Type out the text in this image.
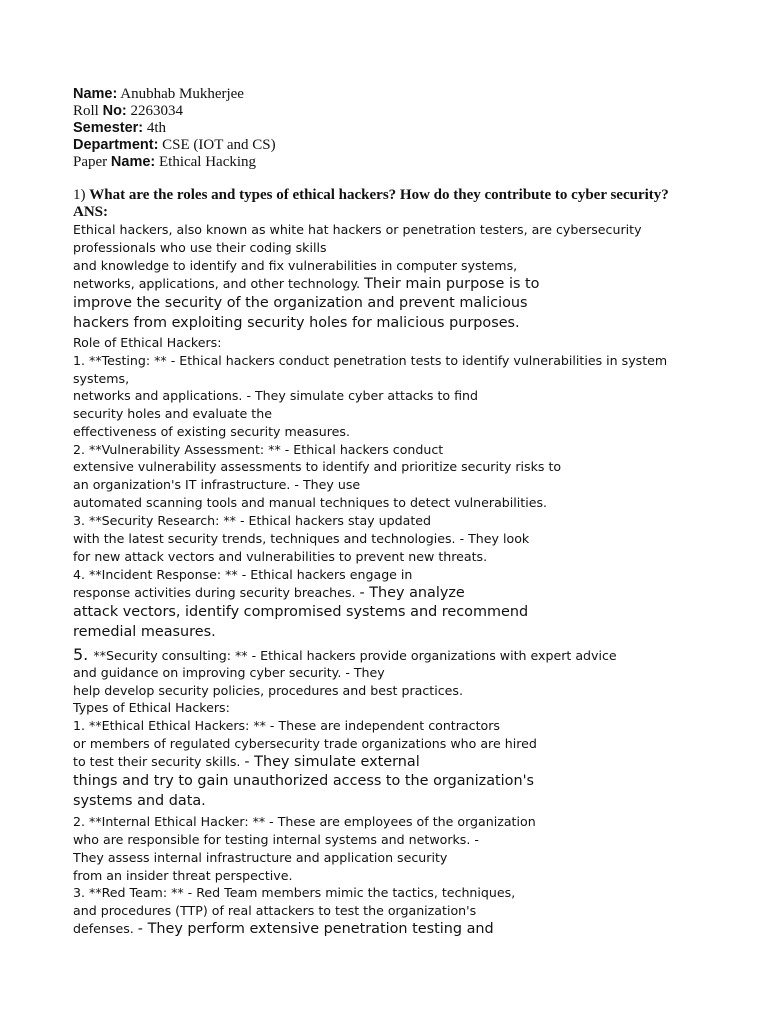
Name: Anubhab Mukherjee
Roll No: 2263034
Semester: 4th
Department: CSE (IOT and CS)
Paper Name: Ethical Hacking
1) What are the roles and types of ethical hackers? How do they contribute to cyber security?
ANS:
Ethical hackers, also known as white hat hackers or penetration testers, are cybersecurity
professionals who use their coding skills
and knowledge to identify and fix vulnerabilities in computer systems,
networks, applications, and other technology. Their main purpose is to
improve the security of the organization and prevent malicious
hackers from exploiting security holes for malicious purposes.
Role of Ethical Hackers:
1. **Testing: ** - Ethical hackers conduct penetration tests to identify vulnerabilities in system
systems,
networks and applications. - They simulate cyber attacks to find
security holes and evaluate the
effectiveness of existing security measures.
2. **Vulnerability Assessment: ** - Ethical hackers conduct
extensive vulnerability assessments to identify and prioritize security risks to
an organization's IT infrastructure. - They use
automated scanning tools and manual techniques to detect vulnerabilities.
3. **Security Research: ** - Ethical hackers stay updated
with the latest security trends, techniques and technologies. - They look
for new attack vectors and vulnerabilities to prevent new threats.
4. **Incident Response: ** - Ethical hackers engage in
response activities during security breaches. - They analyze
attack vectors, identify compromised systems and recommend
remedial measures.
5. **Security consulting: ** - Ethical hackers provide organizations with expert advice
and guidance on improving cyber security. - They
help develop security policies, procedures and best practices.
Types of Ethical Hackers:
1. **Ethical Ethical Hackers: ** - These are independent contractors
or members of regulated cybersecurity trade organizations who are hired
to test their security skills. - They simulate external
things and try to gain unauthorized access to the organization's
systems and data.
2. **Internal Ethical Hacker: ** - These are employees of the organization
who are responsible for testing internal systems and networks. -
They assess internal infrastructure and application security
from an insider threat perspective.
3. **Red Team: ** - Red Team members mimic the tactics, techniques,
and procedures (TTP) of real attackers to test the organization's
defenses. - They perform extensive penetration testing and
